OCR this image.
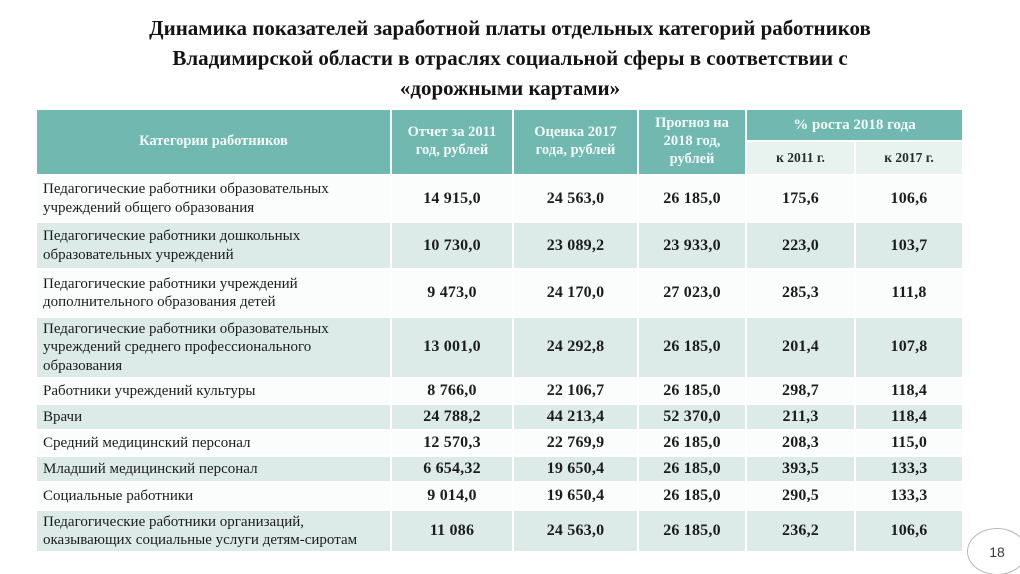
Динамика показателей заработной платы отдельных категорий работников
Владимирской области в отраслях социальной сферы в соответствии с
«дорожными картами»
Категории работников	Отчет за 2011 год, рублей	Оценка 2017 года, рублей	Прогноз на 2018 год, рублей	% роста 2018 года	
				к 2011 г.	к 2017 г.
Педагогические работники образовательных учреждений общего образования	14 915,0	24 563,0	26 185,0	175,6	106,6
Педагогические работники дошкольных образовательных учреждений	10 730,0	23 089,2	23 933,0	223,0	103,7
Педагогические работники учреждений дополнительного образования детей	9 473,0	24 170,0	27 023,0	285,3	111,8
Педагогические работники образовательных учреждений среднего профессионального образования	13 001,0	24 292,8	26 185,0	201,4	107,8
Работники учреждений культуры	8 766,0	22 106,7	26 185,0	298,7	118,4
Врачи	24 788,2	44 213,4	52 370,0	211,3	118,4
Средний медицинский персонал	12 570,3	22 769,9	26 185,0	208,3	115,0
Младший медицинский персонал	6 654,32	19 650,4	26 185,0	393,5	133,3
Социальные работники	9 014,0	19 650,4	26 185,0	290,5	133,3
Педагогические работники организаций, оказывающих социальные услуги детям-сиротам	11 086	24 563,0	26 185,0	236,2	106,6
18
